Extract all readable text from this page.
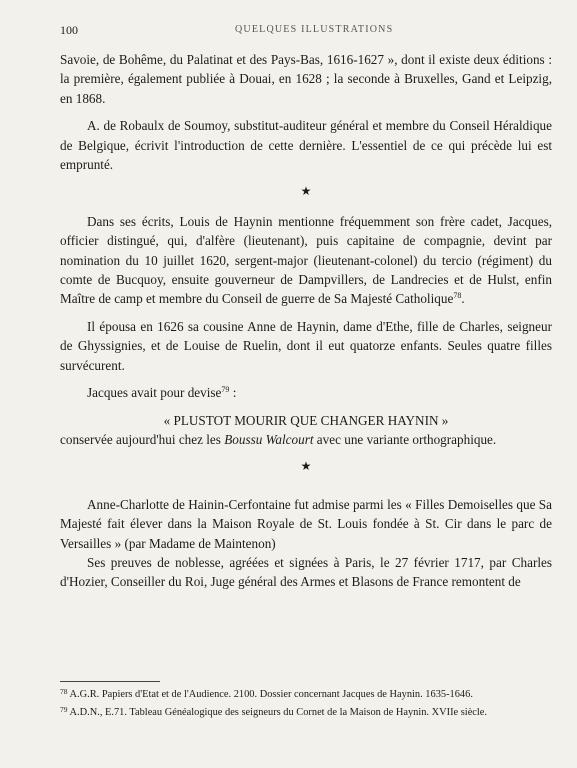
100	QUELQUES ILLUSTRATIONS

Savoie, de Bohême, du Palatinat et des Pays-Bas, 1616-1627 », dont il existe deux éditions : la première, également publiée à Douai, en 1628 ; la seconde à Bruxelles, Gand et Leipzig, en 1868.

A. de Robaulx de Soumoy, substitut-auditeur général et membre du Conseil Héraldique de Belgique, écrivit l'introduction de cette dernière. L'essentiel de ce qui précède lui est emprunté.

★

Dans ses écrits, Louis de Haynin mentionne fréquemment son frère cadet, Jacques, officier distingué, qui, d'alfère (lieutenant), puis capitaine de compagnie, devint par nomination du 10 juillet 1620, sergent-major (lieutenant-colonel) du tercio (régiment) du comte de Bucquoy, ensuite gouverneur de Dampvillers, de Landrecies et de Hulst, enfin Maître de camp et membre du Conseil de guerre de Sa Majesté Catholique$^{78}$.

Il épousa en 1626 sa cousine Anne de Haynin, dame d'Ethe, fille de Charles, seigneur de Ghyssignies, et de Louise de Ruelin, dont il eut quatorze enfants. Seules quatre filles survécurent.

Jacques avait pour devise$^{79}$ :

« PLUSTOT MOURIR QUE CHANGER HAYNIN »

conservée aujourd'hui chez les Boussu Walcourt avec une variante orthographique.

★

Anne-Charlotte de Hainin-Cerfontaine fut admise parmi les « Filles Demoiselles que Sa Majesté fait élever dans la Maison Royale de St. Louis fondée à St. Cir dans le parc de Versailles » (par Madame de Maintenon)

Ses preuves de noblesse, agréées et signées à Paris, le 27 février 1717, par Charles d'Hozier, Conseiller du Roi, Juge général des Armes et Blasons de France remontent de

$^{78}$ A.G.R. Papiers d'Etat et de l'Audience. 2100. Dossier concernant Jacques de Haynin. 1635-1646.

$^{79}$ A.D.N., E.71. Tableau Généalogique des seigneurs du Cornet de la Maison de Haynin. XVIIe siècle.
